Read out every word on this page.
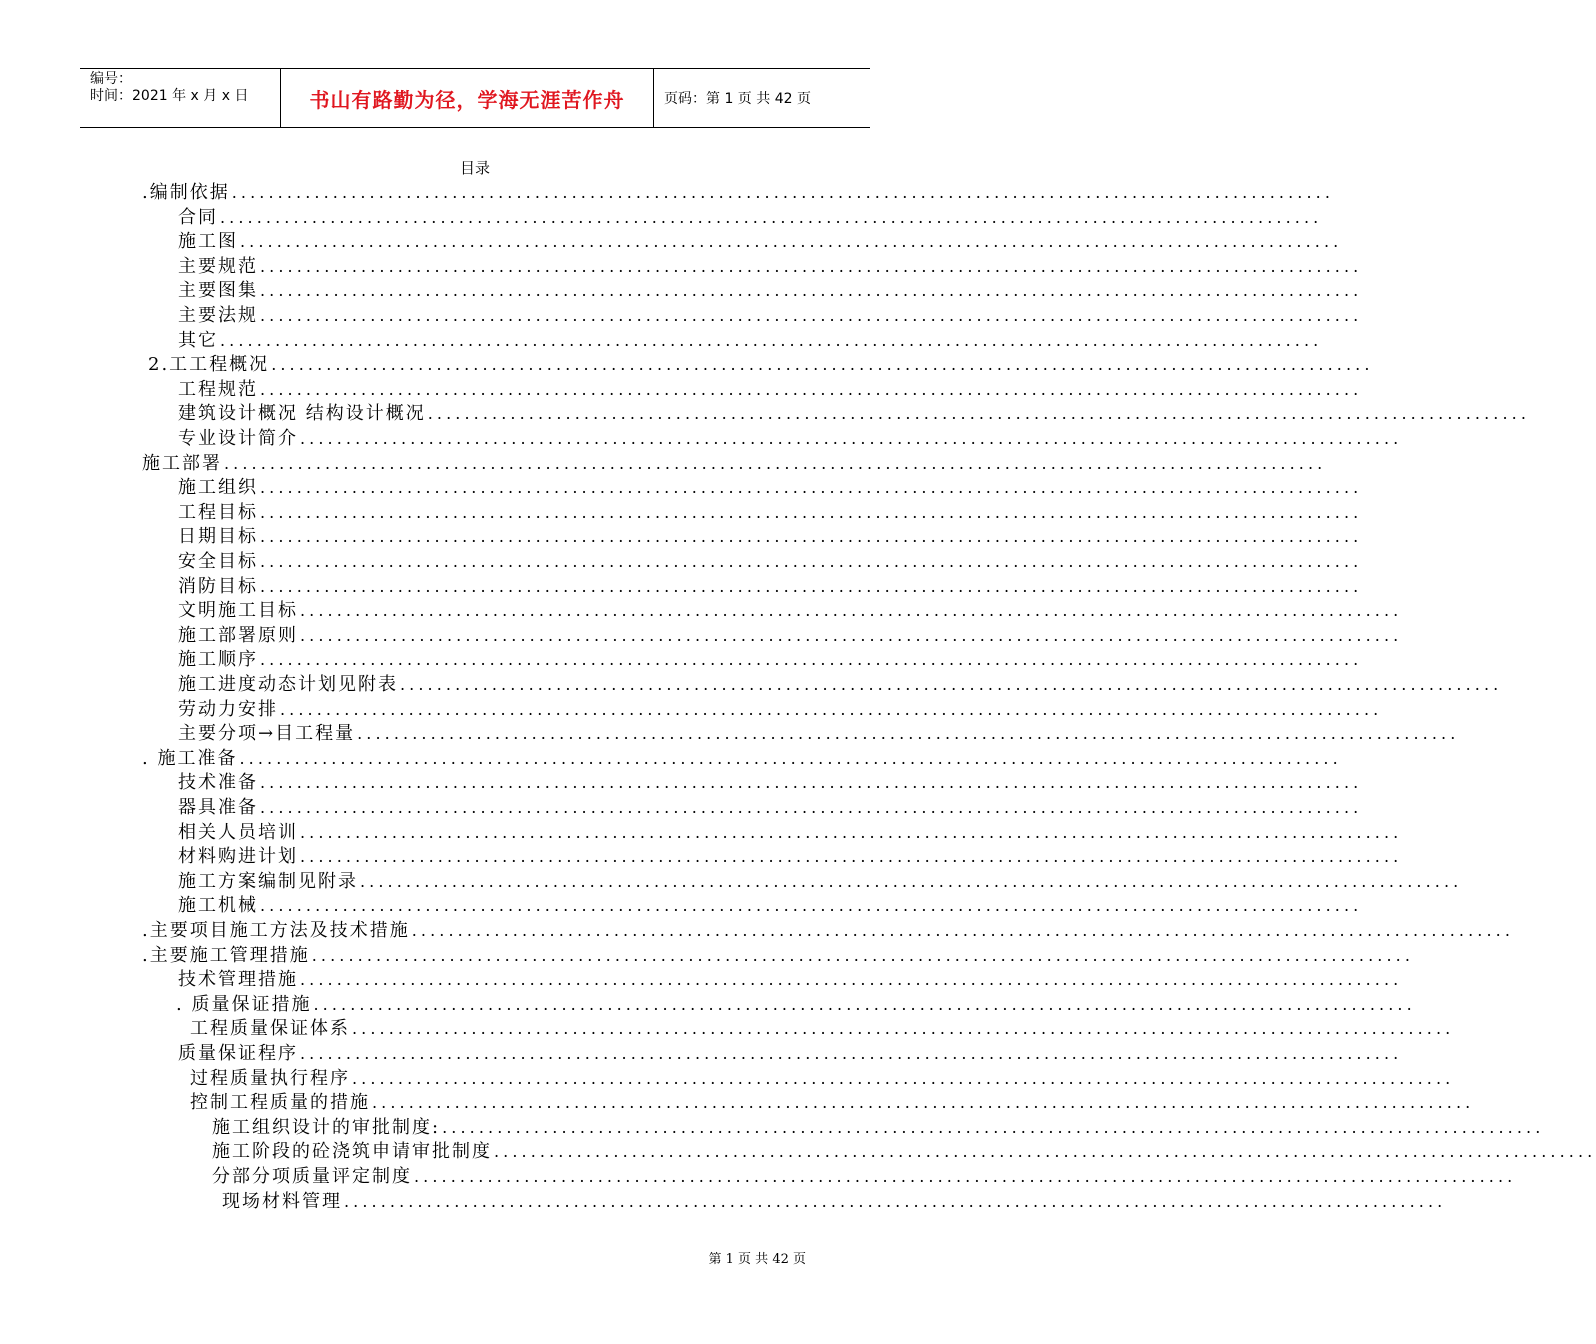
编号：
时间：2021 年 x 月 x 日	书山有路勤为径，学海无涯苦作舟	页码：第 1 页 共 42 页
目录
.编制依据 ........................................................................................................................
合同 ........................................................................................................................
施工图 ........................................................................................................................
主要规范 ........................................................................................................................
主要图集 ........................................................................................................................
主要法规 ........................................................................................................................
其它 ........................................................................................................................
2.工工程概况 ........................................................................................................................
工程规范 ........................................................................................................................
建筑设计概况 结构设计概况 ........................................................................................................................
专业设计简介 ........................................................................................................................
施工部署 ........................................................................................................................
施工组织 ........................................................................................................................
工程目标 ........................................................................................................................
日期目标 ........................................................................................................................
安全目标 ........................................................................................................................
消防目标 ........................................................................................................................
文明施工目标 ........................................................................................................................
施工部署原则 ........................................................................................................................
施工顺序 ........................................................................................................................
施工进度动态计划见附表 ........................................................................................................................
劳动力安排 ........................................................................................................................
主要分项→目工程量 ........................................................................................................................
. 施工准备 ........................................................................................................................
技术准备 ........................................................................................................................
器具准备 ........................................................................................................................
相关人员培训 ........................................................................................................................
材料购进计划 ........................................................................................................................
施工方案编制见附录 ........................................................................................................................
施工机械 ........................................................................................................................
.主要项目施工方法及技术措施 ........................................................................................................................
.主要施工管理措施 ........................................................................................................................
技术管理措施 ........................................................................................................................
. 质量保证措施 ........................................................................................................................
工程质量保证体系 ........................................................................................................................
质量保证程序 ........................................................................................................................
过程质量执行程序 ........................................................................................................................
控制工程质量的措施 ........................................................................................................................
施工组织设计的审批制度: ........................................................................................................................
施工阶段的砼浇筑申请审批制度 ........................................................................................................................
分部分项质量评定制度 ........................................................................................................................
现场材料管理 ........................................................................................................................
第 1 页 共 42 页
